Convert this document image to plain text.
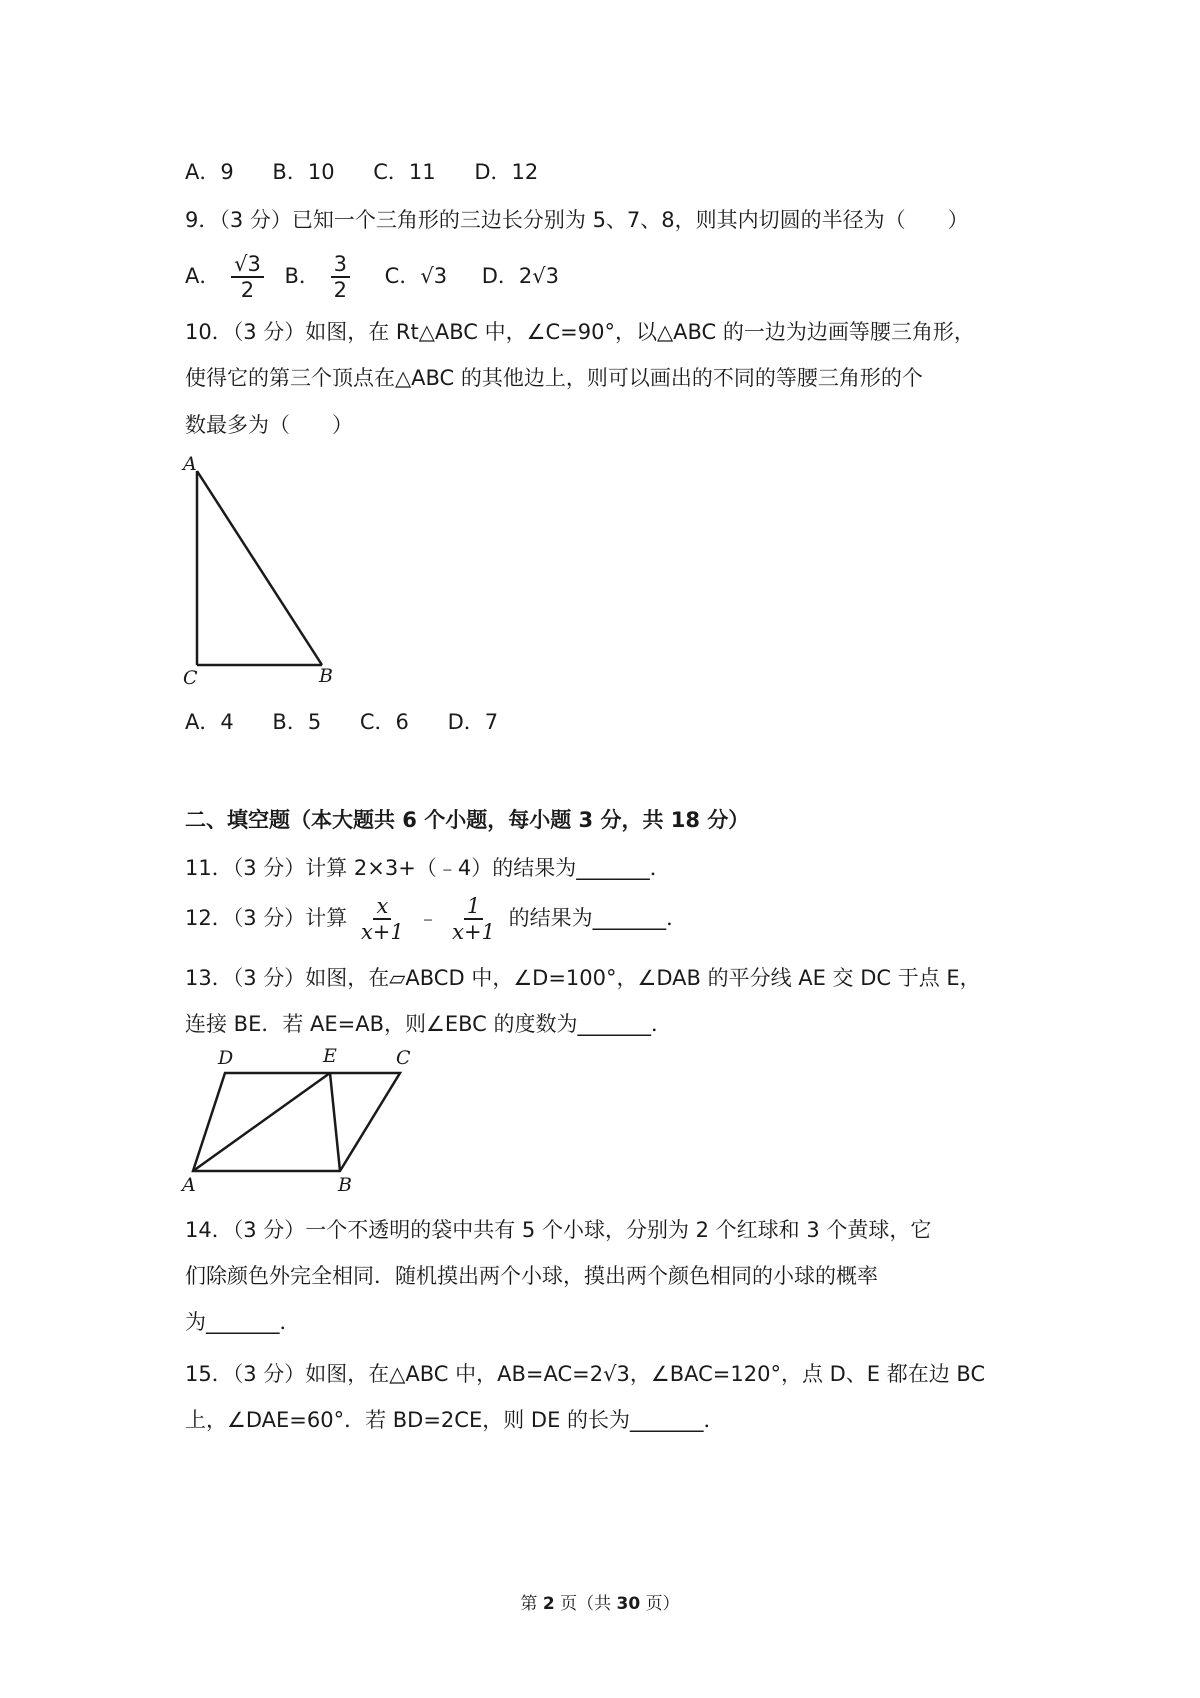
A．9 B．10 C．11 D．12
9．（3 分）已知一个三角形的三边长分别为 5、7、8，则其内切圆的半径为（　　）
A． $\frac{√3}{2}$ B． $\frac{3}{2}$ C．√3 D．2√3
10．（3 分）如图，在 Rt△ABC 中，∠C=90°，以△ABC 的一边为边画等腰三角形，
使得它的第三个顶点在△ABC 的其他边上，则可以画出的不同的等腰三角形的个
数最多为（　　）
A
C	B
A．4 B．5 C．6 D．7
二、填空题（本大题共 6 个小题，每小题 3 分，共 18 分）
11．（3 分）计算 2×3+（﹣4）的结果为_______．
12．（3 分）计算 $\frac{x}{x+1}$ ﹣ $\frac{1}{x+1}$ 的结果为_______．
13．（3 分）如图，在▱ABCD 中，∠D=100°，∠DAB 的平分线 AE 交 DC 于点 E，
连接 BE．若 AE=AB，则∠EBC 的度数为_______．
D	E	C
A	B
14．（3 分）一个不透明的袋中共有 5 个小球，分别为 2 个红球和 3 个黄球，它
们除颜色外完全相同．随机摸出两个小球，摸出两个颜色相同的小球的概率
为_______．
15．（3 分）如图，在△ABC 中，AB=AC=2√3，∠BAC=120°，点 D、E 都在边 BC
上，∠DAE=60°．若 BD=2CE，则 DE 的长为_______．
第 2 页（共 30 页）
